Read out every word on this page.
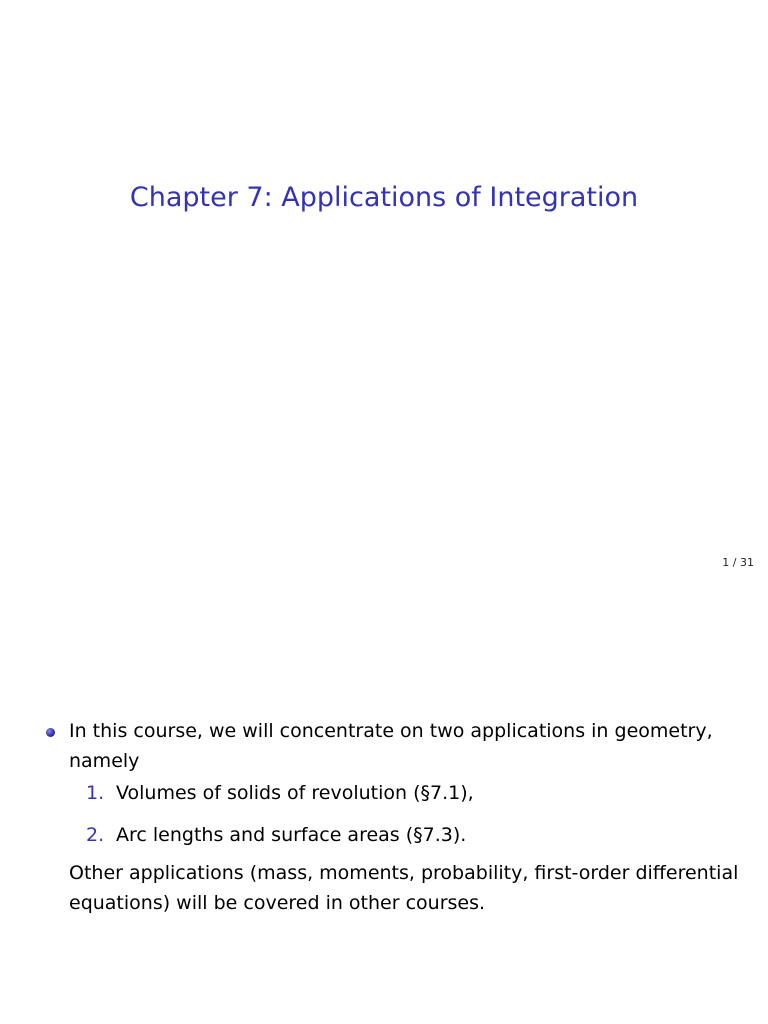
Chapter 7: Applications of Integration
1 / 31
In this course, we will concentrate on two applications in geometry, namely
1. Volumes of solids of revolution (§7.1),
2. Arc lengths and surface areas (§7.3).
Other applications (mass, moments, probability, first-order differential equations) will be covered in other courses.
